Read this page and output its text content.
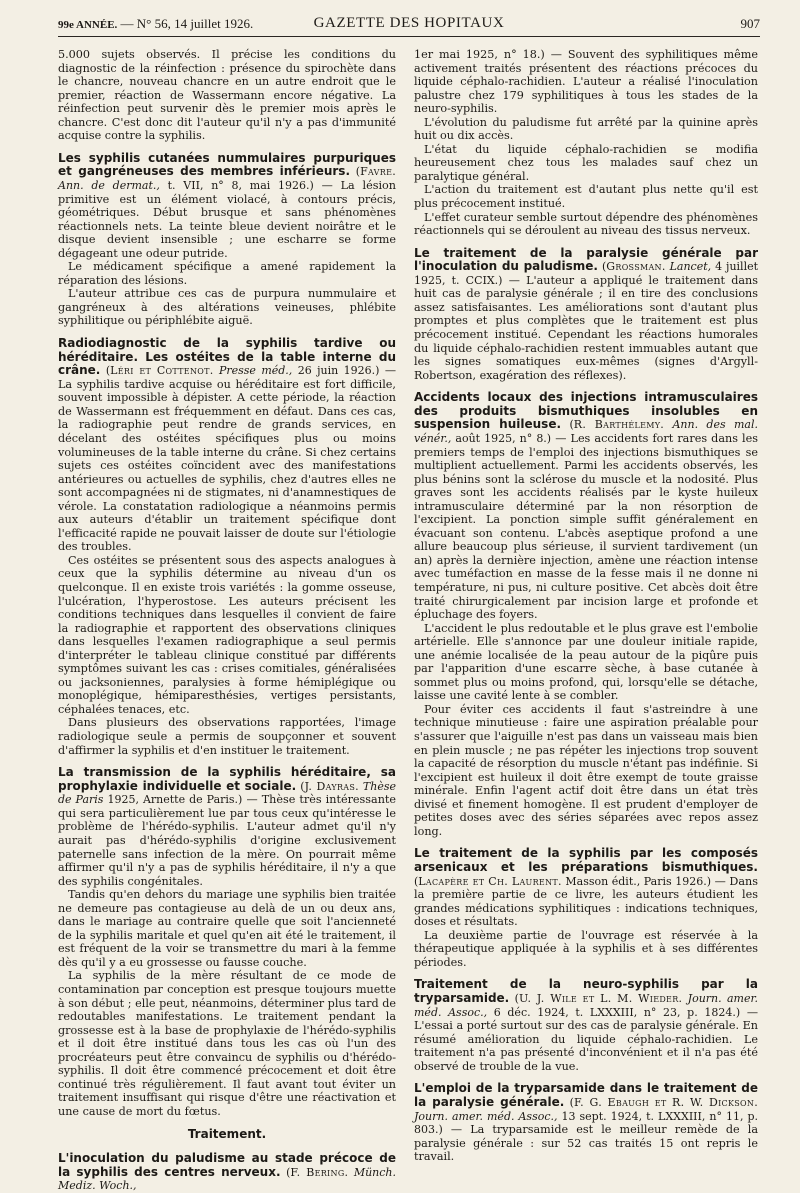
99e ANNÉE. — N° 56, 14 juillet 1926.	GAZETTE DES HOPITAUX	907

5.000 sujets observés. Il précise les conditions du diagnostic de la réinfection : présence du spirochète dans le chancre, nouveau chancre en un autre endroit que le premier, réaction de Wassermann encore négative. La réinfection peut survenir dès le premier mois après le chancre. C'est donc dit l'auteur qu'il n'y a pas d'immunité acquise contre la syphilis.

Les syphilis cutanées nummulaires purpuriques et gangréneuses des membres inférieurs. (Favre. Ann. de dermat., t. VII, n° 8, mai 1926.) — La lésion primitive est un élément violacé, à contours précis, géométriques. Début brusque et sans phénomènes réactionnels nets. La teinte bleue devient noirâtre et le disque devient insensible ; une escharre se forme dégageant une odeur putride.

Le médicament spécifique a amené rapidement la réparation des lésions.

L'auteur attribue ces cas de purpura nummulaire et gangréneux à des altérations veineuses, phlébite syphilitique ou périphlébite aiguë.

Radiodiagnostic de la syphilis tardive ou héréditaire. Les ostéites de la table interne du crâne. (Léri et Cottenot. Presse méd., 26 juin 1926.) — La syphilis tardive acquise ou héréditaire est fort difficile, souvent impossible à dépister. A cette période, la réaction de Wassermann est fréquemment en défaut. Dans ces cas, la radiographie peut rendre de grands services, en décelant des ostéites spécifiques plus ou moins volumineuses de la table interne du crâne. Si chez certains sujets ces ostéites coïncident avec des manifestations antérieures ou actuelles de syphilis, chez d'autres elles ne sont accompagnées ni de stigmates, ni d'anamnestiques de vérole. La constatation radiologique a néanmoins permis aux auteurs d'établir un traitement spécifique dont l'efficacité rapide ne pouvait laisser de doute sur l'étiologie des troubles.

Ces ostéites se présentent sous des aspects analogues à ceux que la syphilis détermine au niveau d'un os quelconque. Il en existe trois variétés : la gomme osseuse, l'ulcération, l'hyperostose. Les auteurs précisent les conditions techniques dans lesquelles il convient de faire la radiographie et rapportent des observations cliniques dans lesquelles l'examen radiographique a seul permis d'interpréter le tableau clinique constitué par différents symptômes suivant les cas : crises comitiales, généralisées ou jacksoniennes, paralysies à forme hémiplégique ou monoplégique, hémiparesthésies, vertiges persistants, céphalées tenaces, etc.

Dans plusieurs des observations rapportées, l'image radiologique seule a permis de soupçonner et souvent d'affirmer la syphilis et d'en instituer le traitement.

La transmission de la syphilis héréditaire, sa prophylaxie individuelle et sociale. (J. Dayras. Thèse de Paris 1925, Arnette de Paris.) — Thèse très intéressante qui sera particulièrement lue par tous ceux qu'intéresse le problème de l'hérédo-syphilis. L'auteur admet qu'il n'y aurait pas d'hérédo-syphilis d'origine exclusivement paternelle sans infection de la mère. On pourrait même affirmer qu'il n'y a pas de syphilis héréditaire, il n'y a que des syphilis congénitales.

Tandis qu'en dehors du mariage une syphilis bien traitée ne demeure pas contagieuse au delà de un ou deux ans, dans le mariage au contraire quelle que soit l'ancienneté de la syphilis maritale et quel qu'en ait été le traitement, il est fréquent de la voir se transmettre du mari à la femme dès qu'il y a eu grossesse ou fausse couche.

La syphilis de la mère résultant de ce mode de contamination par conception est presque toujours muette à son début ; elle peut, néanmoins, déterminer plus tard de redoutables manifestations. Le traitement pendant la grossesse est à la base de prophylaxie de l'hérédo-syphilis et il doit être institué dans tous les cas où l'un des procréateurs peut être convaincu de syphilis ou d'hérédo-syphilis. Il doit être commencé précocement et doit être continué très régulièrement. Il faut avant tout éviter un traitement insuffisant qui risque d'être une réactivation et une cause de mort du fœtus.

Traitement.

L'inoculation du paludisme au stade précoce de la syphilis des centres nerveux. (F. Bering. Münch. Mediz. Woch.,

1er mai 1925, n° 18.) — Souvent des syphilitiques même activement traités présentent des réactions précoces du liquide céphalo-rachidien. L'auteur a réalisé l'inoculation palustre chez 179 syphilitiques à tous les stades de la neuro-syphilis.

L'évolution du paludisme fut arrêté par la quinine après huit ou dix accès.

L'état du liquide céphalo-rachidien se modifia heureusement chez tous les malades sauf chez un paralytique général.

L'action du traitement est d'autant plus nette qu'il est plus précocement institué.

L'effet curateur semble surtout dépendre des phénomènes réactionnels qui se déroulent au niveau des tissus nerveux.

Le traitement de la paralysie générale par l'inoculation du paludisme. (Grossman. Lancet, 4 juillet 1925, t. CCIX.) — L'auteur a appliqué le traitement dans huit cas de paralysie générale ; il en tire des conclusions assez satisfaisantes. Les améliorations sont d'autant plus promptes et plus complètes que le traitement est plus précocement institué. Cependant les réactions humorales du liquide céphalo-rachidien restent immuables autant que les signes somatiques eux-mêmes (signes d'Argyll-Robertson, exagération des réflexes).

Accidents locaux des injections intramusculaires des produits bismuthiques insolubles en suspension huileuse. (R. Barthélemy. Ann. des mal. vénér., août 1925, n° 8.) — Les accidents fort rares dans les premiers temps de l'emploi des injections bismuthiques se multiplient actuellement. Parmi les accidents observés, les plus bénins sont la sclérose du muscle et la nodosité. Plus graves sont les accidents réalisés par le kyste huileux intramusculaire déterminé par la non résorption de l'excipient. La ponction simple suffit généralement en évacuant son contenu. L'abcès aseptique profond a une allure beaucoup plus sérieuse, il survient tardivement (un an) après la dernière injection, amène une réaction intense avec tuméfaction en masse de la fesse mais il ne donne ni température, ni pus, ni culture positive. Cet abcès doit être traité chirurgicalement par incision large et profonde et épluchage des foyers.

L'accident le plus redoutable et le plus grave est l'embolie artérielle. Elle s'annonce par une douleur initiale rapide, une anémie localisée de la peau autour de la piqûre puis par l'apparition d'une escarre sèche, à base cutanée à sommet plus ou moins profond, qui, lorsqu'elle se détache, laisse une cavité lente à se combler.

Pour éviter ces accidents il faut s'astreindre à une technique minutieuse : faire une aspiration préalable pour s'assurer que l'aiguille n'est pas dans un vaisseau mais bien en plein muscle ; ne pas répéter les injections trop souvent la capacité de résorption du muscle n'étant pas indéfinie. Si l'excipient est huileux il doit être exempt de toute graisse minérale. Enfin l'agent actif doit être dans un état très divisé et finement homogène. Il est prudent d'employer de petites doses avec des séries séparées avec repos assez long.

Le traitement de la syphilis par les composés arsenicaux et les préparations bismuthiques. (Lacapère et Ch. Laurent. Masson édit., Paris 1926.) — Dans la première partie de ce livre, les auteurs étudient les grandes médications syphilitiques : indications techniques, doses et résultats.

La deuxième partie de l'ouvrage est réservée à la thérapeutique appliquée à la syphilis et à ses différentes périodes.

Traitement de la neuro-syphilis par la tryparsamide. (U. J. Wile et L. M. Wieder. Journ. amer. méd. Assoc., 6 déc. 1924, t. LXXXIII, n° 23, p. 1824.) — L'essai a porté surtout sur des cas de paralysie générale. En résumé amélioration du liquide céphalo-rachidien. Le traitement n'a pas présenté d'inconvénient et il n'a pas été observé de trouble de la vue.

L'emploi de la tryparsamide dans le traitement de la paralysie générale. (F. G. Ebaugh et R. W. Dickson. Journ. amer. méd. Assoc., 13 sept. 1924, t. LXXXIII, n° 11, p. 803.) — La tryparsamide est le meilleur remède de la paralysie générale : sur 52 cas traités 15 ont repris le travail.
